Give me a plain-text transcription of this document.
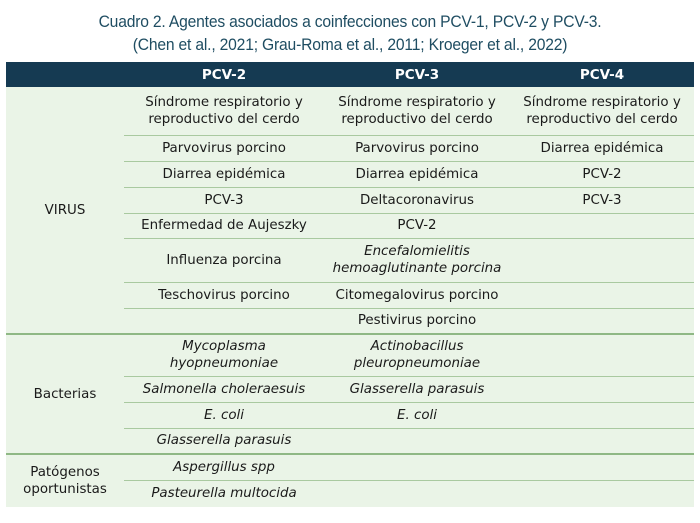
Cuadro 2. Agentes asociados a coinfecciones con PCV-1, PCV-2 y PCV-3.
(Chen et al., 2021; Grau-Roma et al., 2011; Kroeger et al., 2022)
	PCV-2	PCV-3	PCV-4
VIRUS	Síndrome respiratorio y reproductivo del cerdo	Síndrome respiratorio y reproductivo del cerdo	Síndrome respiratorio y reproductivo del cerdo
	Parvovirus porcino	Parvovirus porcino	Diarrea epidémica
	Diarrea epidémica	Diarrea epidémica	PCV-2
	PCV-3	Deltacoronavirus	PCV-3
	Enfermedad de Aujeszky	PCV-2	
	Influenza porcina	Encefalomielitis hemoaglutinante porcina	
	Teschovirus porcino	Citomegalovirus porcino	
		Pestivirus porcino	
Bacterias	Mycoplasma hyopneumoniae	Actinobacillus pleuropneumoniae	
	Salmonella choleraesuis	Glasserella parasuis	
	E. coli	E. coli	
	Glasserella parasuis		
Patógenos oportunistas	Aspergillus spp		
	Pasteurella multocida		
